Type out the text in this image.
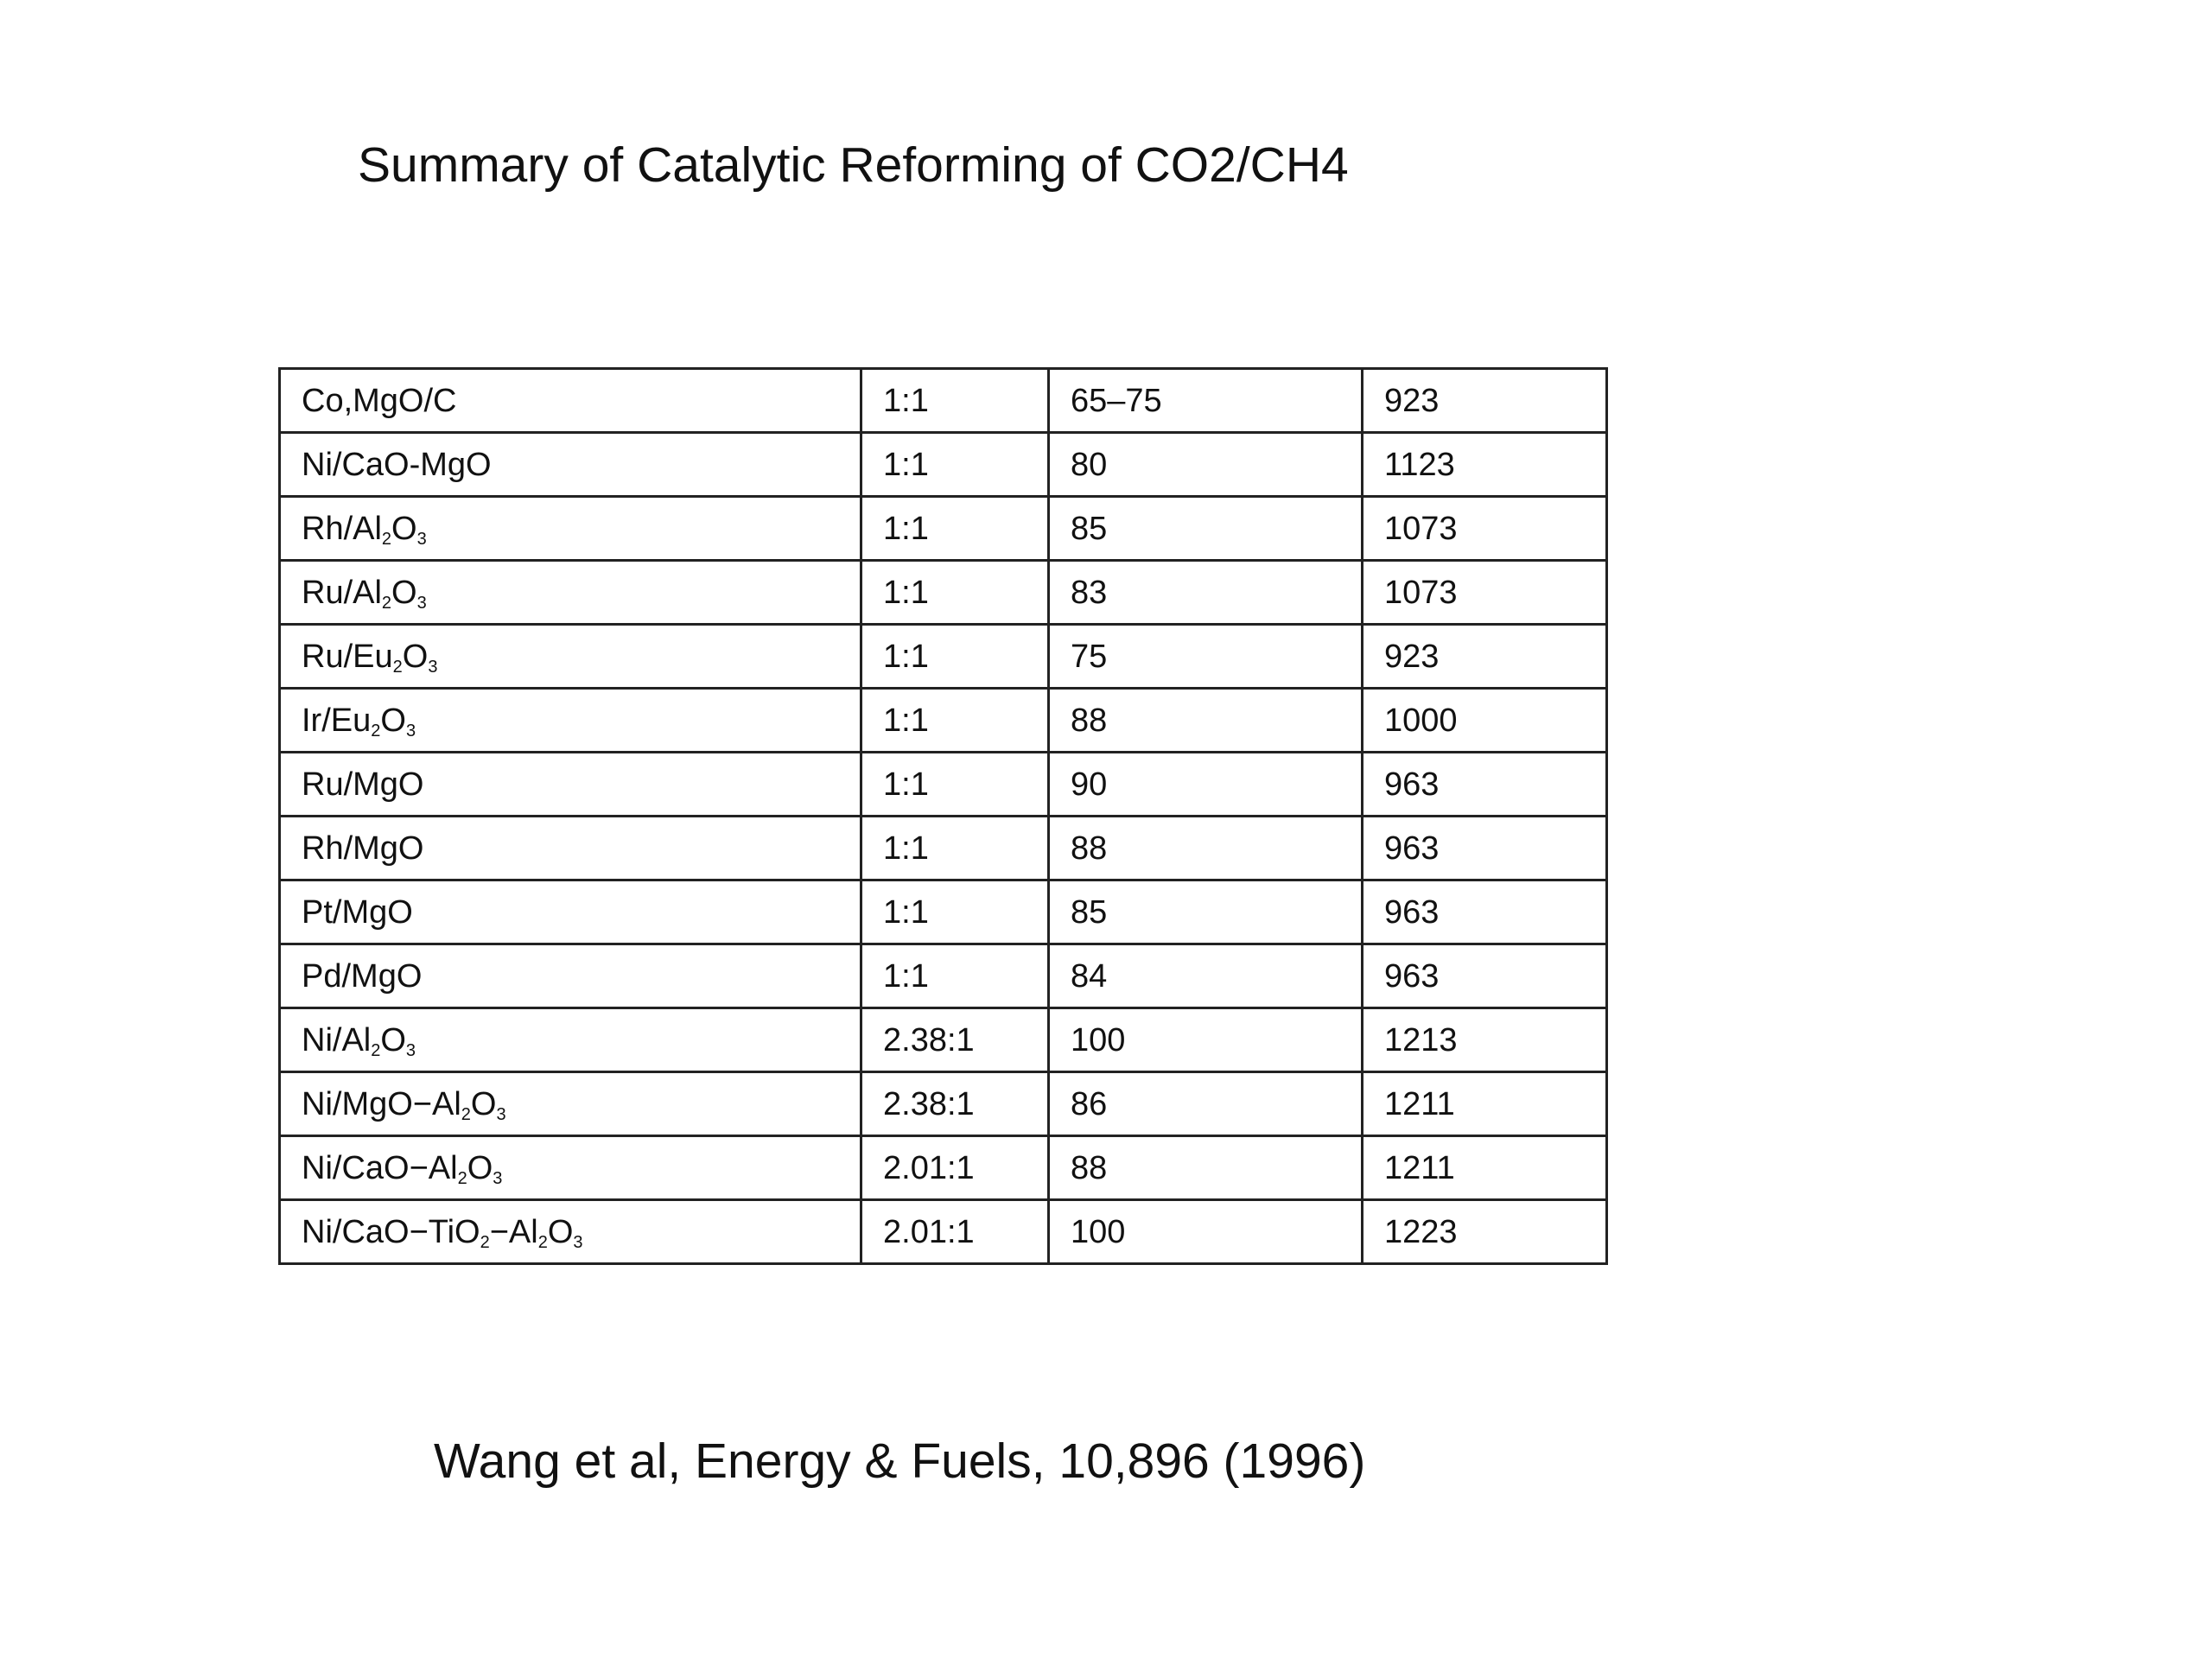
Summary of Catalytic Reforming of CO2/CH4
Co,MgO/C	1:1	65–75	923
Ni/CaO-MgO	1:1	80	1123
$Rh/Al_2O_3$	1:1	85	1073
$Ru/Al_2O_3$	1:1	83	1073
$Ru/Eu_2O_3$	1:1	75	923
$Ir/Eu_2O_3$	1:1	88	1000
Ru/MgO	1:1	90	963
Rh/MgO	1:1	88	963
Pt/MgO	1:1	85	963
Pd/MgO	1:1	84	963
$Ni/Al_2O_3$	2.38:1	100	1213
$Ni/MgO-Al_2O_3$	2.38:1	86	1211
$Ni/CaO-Al_2O_3$	2.01:1	88	1211
$Ni/CaO-TiO_2-Al_2O_3$	2.01:1	100	1223
Wang et al, Energy & Fuels, 10,896 (1996)
